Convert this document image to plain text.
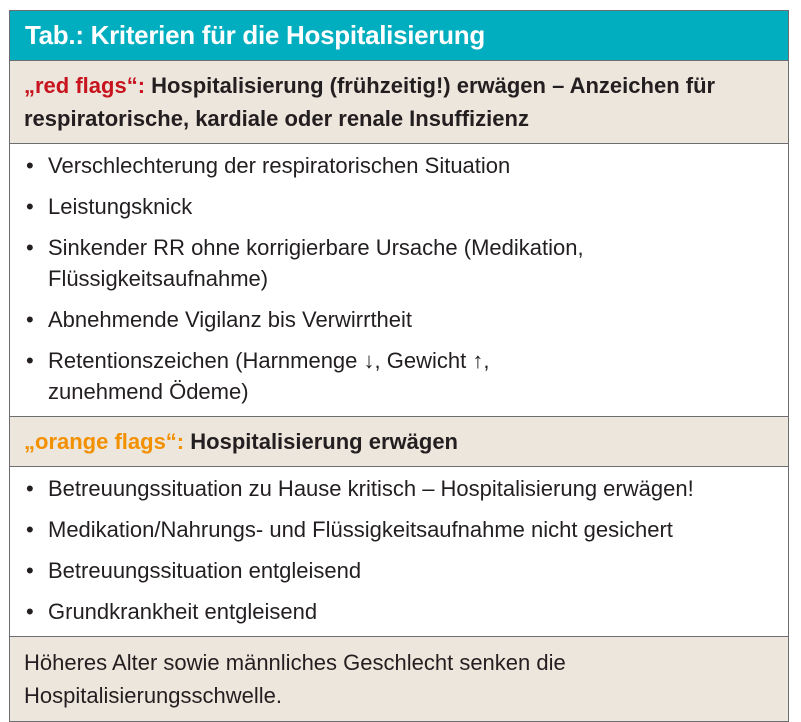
Tab.: Kriterien für die Hospitalisierung
„red flags“: Hospitalisierung (frühzeitig!) erwägen – Anzeichen für respiratorische, kardiale oder renale Insuffizienz
• Verschlechterung der respiratorischen Situation
• Leistungsknick
• Sinkender RR ohne korrigierbare Ursache (Medikation, Flüssigkeitsaufnahme)
• Abnehmende Vigilanz bis Verwirrtheit
• Retentionszeichen (Harnmenge ↓, Gewicht ↑, zunehmend Ödeme)
„orange flags“: Hospitalisierung erwägen
• Betreuungssituation zu Hause kritisch – Hospitalisierung erwägen!
• Medikation/Nahrungs- und Flüssigkeitsaufnahme nicht gesichert
• Betreuungssituation entgleisend
• Grundkrankheit entgleisend
Höheres Alter sowie männliches Geschlecht senken die Hospitalisierungsschwelle.
